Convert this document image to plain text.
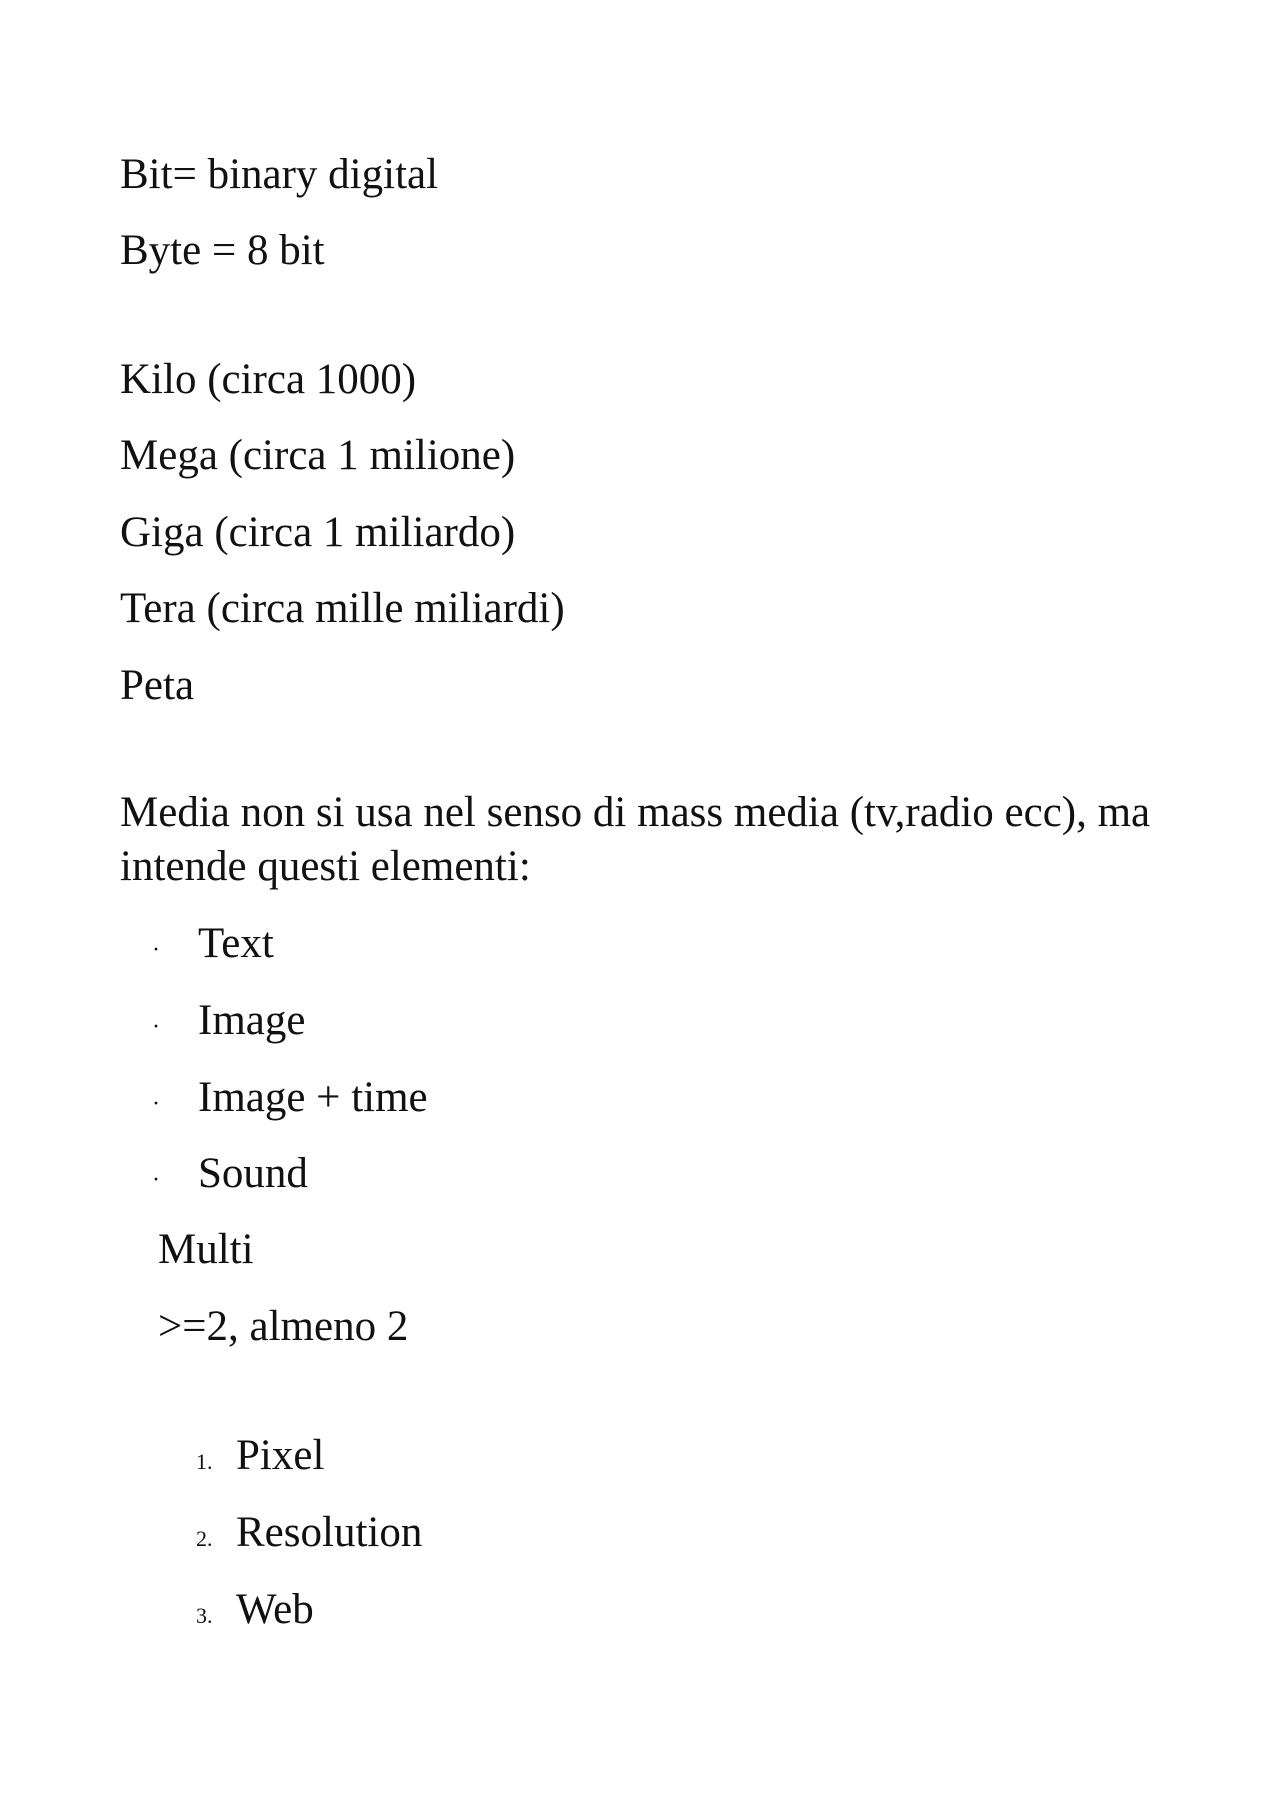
Bit= binary digital

Byte = 8 bit

Kilo (circa 1000)

Mega (circa 1 milione)

Giga (circa 1 miliardo)

Tera (circa mille miliardi)

Peta

Media non si usa nel senso di mass media (tv,radio ecc), ma intende questi elementi:

· Text
· Image
· Image + time
· Sound

Multi

>=2, almeno 2

1. Pixel
2. Resolution
3. Web
